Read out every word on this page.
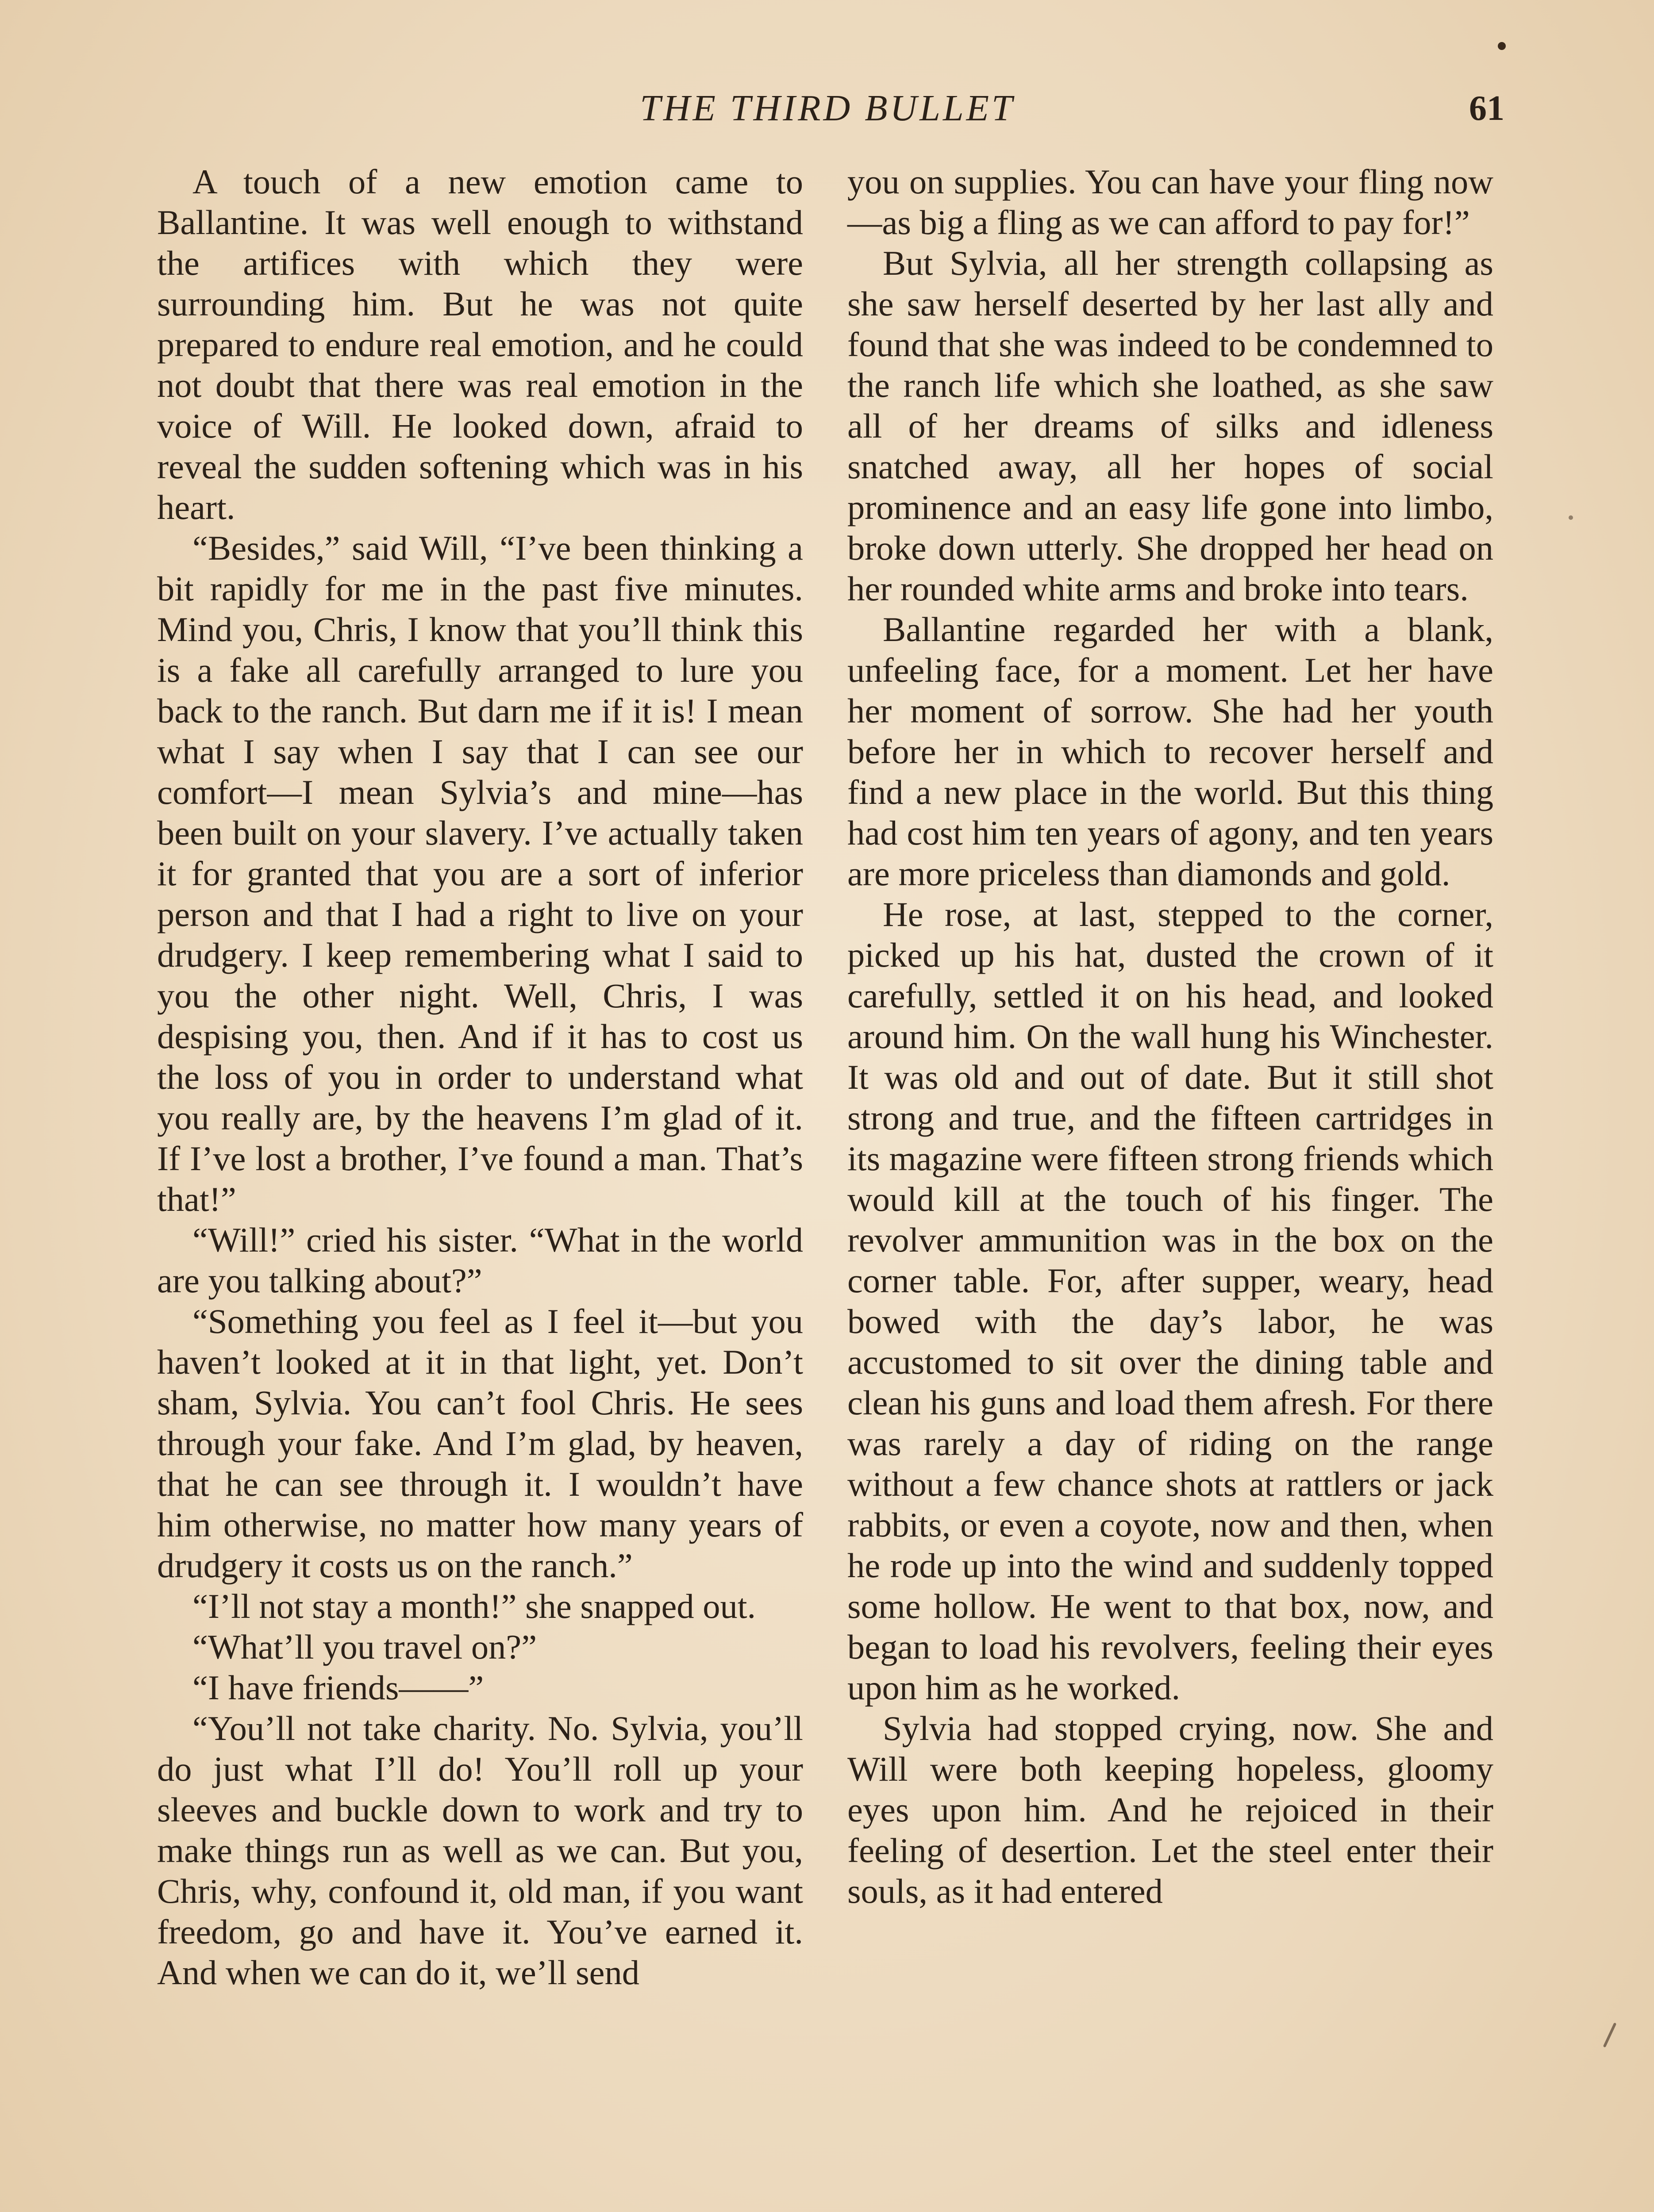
THE THIRD BULLET	61

A touch of a new emotion came to Ballantine. It was well enough to withstand the artifices with which they were surrounding him. But he was not quite prepared to endure real emotion, and he could not doubt that there was real emotion in the voice of Will. He looked down, afraid to reveal the sudden softening which was in his heart.

“Besides,” said Will, “I’ve been thinking a bit rapidly for me in the past five minutes. Mind you, Chris, I know that you’ll think this is a fake all carefully arranged to lure you back to the ranch. But darn me if it is! I mean what I say when I say that I can see our comfort—I mean Sylvia’s and mine—has been built on your slavery. I’ve actually taken it for granted that you are a sort of inferior person and that I had a right to live on your drudgery. I keep remembering what I said to you the other night. Well, Chris, I was despising you, then. And if it has to cost us the loss of you in order to understand what you really are, by the heavens I’m glad of it. If I’ve lost a brother, I’ve found a man. That’s that!”

“Will!” cried his sister. “What in the world are you talking about?”

“Something you feel as I feel it—but you haven’t looked at it in that light, yet. Don’t sham, Sylvia. You can’t fool Chris. He sees through your fake. And I’m glad, by heaven, that he can see through it. I wouldn’t have him otherwise, no matter how many years of drudgery it costs us on the ranch.”

“I’ll not stay a month!” she snapped out.

“What’ll you travel on?”

“I have friends——”

“You’ll not take charity. No. Sylvia, you’ll do just what I’ll do! You’ll roll up your sleeves and buckle down to work and try to make things run as well as we can. But you, Chris, why, confound it, old man, if you want freedom, go and have it. You’ve earned it. And when we can do it, we’ll send

you on supplies. You can have your fling now—as big a fling as we can afford to pay for!”

But Sylvia, all her strength collapsing as she saw herself deserted by her last ally and found that she was indeed to be condemned to the ranch life which she loathed, as she saw all of her dreams of silks and idleness snatched away, all her hopes of social prominence and an easy life gone into limbo, broke down utterly. She dropped her head on her rounded white arms and broke into tears.

Ballantine regarded her with a blank, unfeeling face, for a moment. Let her have her moment of sorrow. She had her youth before her in which to recover herself and find a new place in the world. But this thing had cost him ten years of agony, and ten years are more priceless than diamonds and gold.

He rose, at last, stepped to the corner, picked up his hat, dusted the crown of it carefully, settled it on his head, and looked around him. On the wall hung his Winchester. It was old and out of date. But it still shot strong and true, and the fifteen cartridges in its magazine were fifteen strong friends which would kill at the touch of his finger. The revolver ammunition was in the box on the corner table. For, after supper, weary, head bowed with the day’s labor, he was accustomed to sit over the dining table and clean his guns and load them afresh. For there was rarely a day of riding on the range without a few chance shots at rattlers or jack rabbits, or even a coyote, now and then, when he rode up into the wind and suddenly topped some hollow. He went to that box, now, and began to load his revolvers, feeling their eyes upon him as he worked.

Sylvia had stopped crying, now. She and Will were both keeping hopeless, gloomy eyes upon him. And he rejoiced in their feeling of desertion. Let the steel enter their souls, as it had entered
